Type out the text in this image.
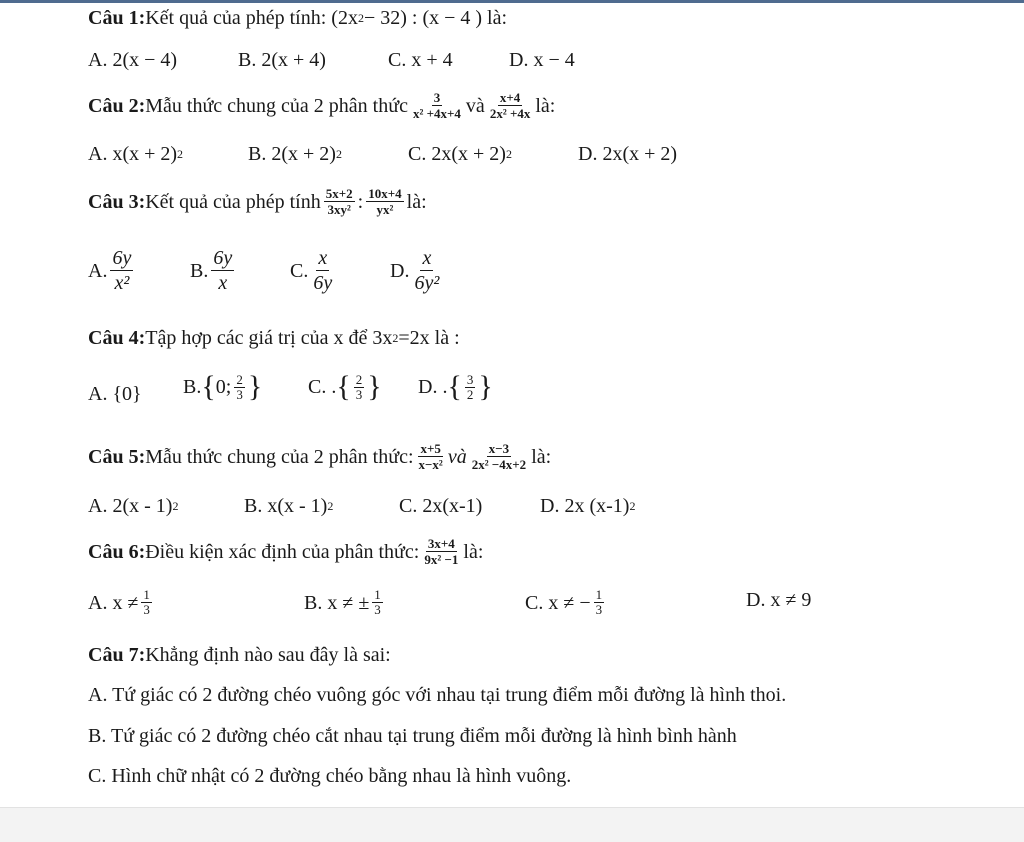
Câu 1: Kết quả của phép tính: (2x 2 − 32) : (x − 4 ) là:
A. 2(x − 4)	B. 2(x + 4)	C. x + 4	D. x − 4
Câu 2: Mẫu thức chung của 2 phân thức $\frac{3}{\text{x² +4x+4}}$ và $\frac{x+4}{\text{2x² +4x}}$ là:
A. x(x + 2) 2	B. 2(x + 2) 2	C. 2x(x + 2) 2	D. 2x(x + 2)
Câu 3: Kết quả của phép tính $\frac{5x+2}{\text{3xy²}}$ : $\frac{10x+4}{\text{yx²}}$ là:
A. $\frac{6y}{\text{x²}}$	B. $\frac{6y}{x}$	C. $\frac{x}{6y}$	D. $\frac{x}{\text{6y²}}$
Câu 4: Tập hợp các giá trị của x để 3x 2 =2x là :
A.
{0} B. { 0; $\frac{2}{3}$ } C. . { $\frac{2}{3}$ } D. . { $\frac{3}{2}$ }
Câu 5: Mẫu thức chung của 2 phân thức: $\frac{x+5}{\text{x−x²}}$ và $\frac{x-3}{\text{2x² −4x+2}}$ là:
A. 2(x - 1) 2	B. x(x - 1) 2	C. 2x(x-1)	D. 2x (x-1) 2
Câu 6: Điều kiện xác định của phân thức: $\frac{3x+4}{\text{9x² −1}}$ là:
A. $x \ne \frac{1}{3}$	B. x ≠ ± $\frac{1}{3}$	C. x ≠ − $\frac{1}{3}$	D. x ≠ 9
Câu 7: Khẳng định nào sau đây là sai:
A. Tứ giác có 2 đường chéo vuông góc với nhau tại trung điểm mỗi đường là hình thoi.
B. Tứ giác có 2 đường chéo cắt nhau tại trung điểm mỗi đường là hình bình hành
C. Hình chữ nhật có 2 đường chéo bằng nhau là hình vuông.
